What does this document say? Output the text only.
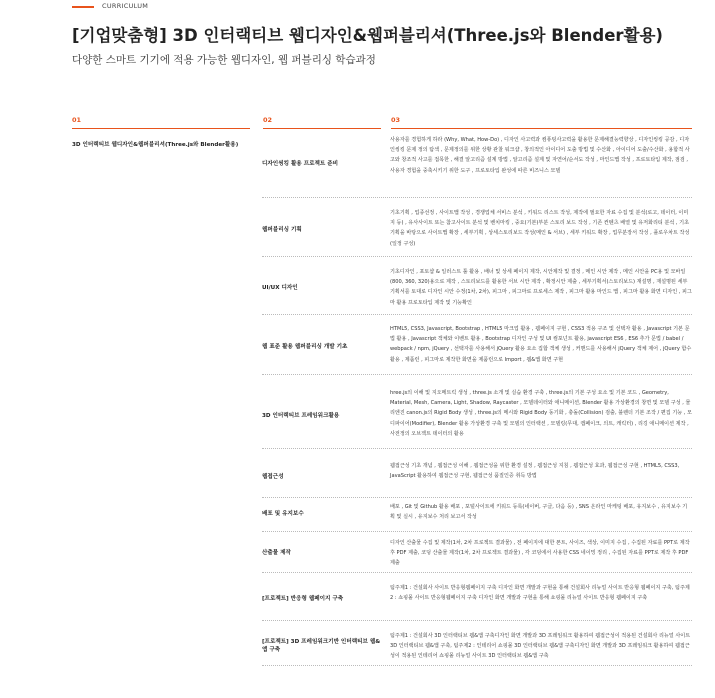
CURRICULUM
[기업맞춤형] 3D 인터랙티브 웹디자인&웹퍼블리셔(Three.js와 Blender활용)
다양한 스마트 기기에 적용 가능한 웹디자인, 웹 퍼블리싱 학습과정
01	02	03
3D 인터랙티브 웹디자인&웹퍼블리셔(Three.js와 Blender활용)
디자인씽킹 활용 프로젝트 준비
사용자를 경험하게 하라 (Why, What, How-Do) , 디자인 사고력과 컴퓨팅사고력을 활용한 문제해결능력향상 , 디자인씽킹 공감 , 디자인씽킹 문제 정의 탐색 , 문제정의를 위한 상황 관찰 워크샵 , 창의적인 아이디어 도출 방법 및 수산화 , 아이디어 도출/수산화 , 용합적 사고와 창조적 사고를 접목한 , 해결 알고리즘 설계 방법 , 알고리즘 설계 및 자연어/순서도 작성 , 마인드맵 작성 , 프로토타입 제작, 점검 , 사용자 경험을 중축시키기 위한 도구 , 프로토타입 완성에 따른 비즈니스 모델
웹퍼블리싱 기획
기초기획 , 업종선정 , 사이트맵 작성 , 경쟁업체 서비스 분석 , 키워드 리스트 작성, 제작에 필요한 자료 수집 및 분석(로고, 데이터, 이미지 등) , 유사사이트 또는 참고사이트 분석 및 벤치마킹 , 중요(기본)부분 스토리 보드 작성 , 기존 컨텐츠 배열 및 유저화리티 분석 , 기초 기획을 바탕으로 사이트맵 확장 , 세부기획 , 상세스토리보드 작성(메인 & 서브) , 세부 키워드 확장 , 업무분장서 작성 , 플로우차트 작성(일정 구성)
UI/UX 디자인
기초디자인 , 포토샵 & 일러스트 툴 활용 , 배너 및 상세 페이지 제작, 시안제작 및 결정 , 메인 시안 제작 , 메인 시안을 PC용 및 모바일(800, 360, 320)용으로 제작 , 스토리보드를 활용한 서브 시안 제작 , 확정시안 제출 , 세부기획서(스토리보드) 재설명 , 재설명된 세부기획서를 토대로 디자인 시안 수정(1차, 2차), 피그마 , 피그마로 프로세스 제작 , 피그마 활용 마인드 맵 , 피그마 활용 화면 디자인 , 피그마 활용 프로토타입 제작 및 기능확인
웹 표준 활용 웹퍼블리싱 개발 기초
HTML5, CSS3, Javascript, Bootstrap , HTML5 마크업 활용 , 웹페이지 구현 , CSS3 적용 구조 및 선택자 활용 , Javascript 기본 문법 활용 , Javascript 객체와 이벤트 활용 , Bootstrap 디자인 구성 및 UI 컴포넌트 활용, javascript ES6 , ES6 추가 문법 / babel / webpack / npm, jQuery , 선택자를 사용해서 jQuery 활용 요소 집합 객체 생성 , 커맨드를 사용해서 jQuery 객체 제어 , jQuery 함수 활용 , 제품런 , 피그마로 제작한 화면을 제품런으로 Import , 웹&앱 화면 구현
3D 인터랙티브 프레임워크활용
hree.js의 이해 및 지오메트릭 생성 , three.js 소개 및 실습 환경 구축 , three.js의 기본 구성 요소 및 기본 코드 , Geometry, Material, Mesh, Camera, Light, Shadow, Raycaster , 모델데이터와 애니메이션, Blender 활용 가상환경의 창면 및 모델 구성 , 물리엔진 canon.js의 Rigid Body 생성 , three.js의 메시와 Rigid Body 동기화 , 충돌(Collision) 검출, 블렌더 기본 조작 / 편집 기능 , 모디파이어(Modifier), Blender 활용 가상환경 구축 및 모델의 인터랙션 , 모델링(무대, 캡페이크, 의트, 캐릭터) , 리깅 애니메이션 제작 , 사전정의 오브젝트 데이터의 활용
웹접근성
웹접근성 기초 개념 , 웹접근성 이해 , 웹접근성을 위한 환경 설정 , 웹접근성 지침 , 웹접근성 효과, 웹접근성 구현 , HTML5, CSS3, JavaScript 활용하여 웹접근성 구현, 웹접근성 품질인증 취득 방법
배포 및 유지보수
배포 , Git 및 Github 활용 배포 , 포털사이트에 키워드 등록(네이버, 구글, 다음 등) , SNS 온라인 마케팅 배포, 유지보수 , 유지보수 기획 및 실시 , 유지보수 처리 보고서 작성
산출물 제작
디자인 산출물 수집 및 제작(1차, 2차 프로젝트 결과물) , 전 페이지에 대한 폰트, 사이즈, 색상, 이미지 수집 , 수집된 자료를 PPT로 제작 후 PDF 제출, 코딩 산출물 제작(1차, 2차 프로젝트 결과물) , 각 코딩에서 사용한 CSS 네이밍 정리 , 수집된 자료를 PPT로 제작 후 PDF 제출
[프로젝트] 반응형 웹페이지 구축
팀주제1 : 건설회사 사이트 반응형웹페이지 구축 디자인 화면 개발과 구현을 통해 건설회사 리뉴얼 사이트 반응형 웹페이지 구축, 팀주제2 : 쇼핑몰 사이트 반응형웹페이지 구축 디자인 화면 개발과 구현을 통해 쇼핑몰 리뉴얼 사이트 반응형 웹페이지 구축
[프로젝트] 3D 프레임워크기반 인터랙티브 웹&앱 구축
팀주제1 : 건설회사 3D 인터랙티브 웹&앱 구축디자인 화면 개발과 3D 프레임워크 활용하여 웹접근성이 적용된 건설회사 리뉴얼 사이트 3D 인터랙티브 웹&앱 구축, 팀주제2 : 인테리어 쇼핑몰 3D 인터랙티브 웹&앱 구축디자인 화면 개발과 3D 프레임워크 활용하여 웹접근성이 적용된 인테리어 쇼핑몰 리뉴얼 사이트 3D 인터랙티브 웹&앱 구축
